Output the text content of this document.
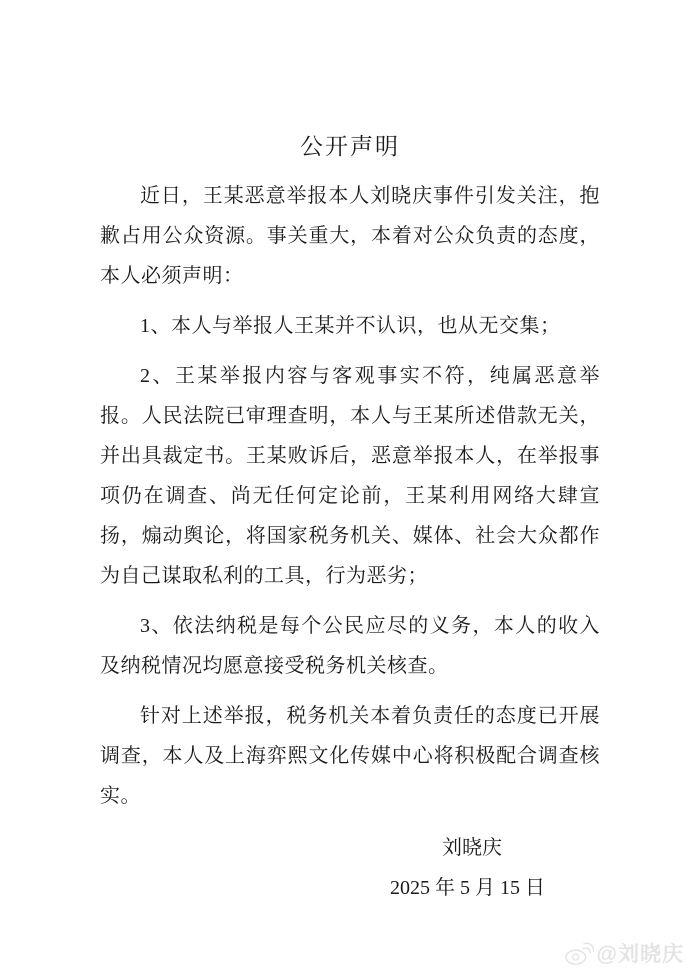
公开声明

近日，王某恶意举报本人刘晓庆事件引发关注，抱歉占用公众资源。事关重大，本着对公众负责的态度，本人必须声明：

1、本人与举报人王某并不认识，也从无交集；

2、王某举报内容与客观事实不符，纯属恶意举报。人民法院已审理查明，本人与王某所述借款无关，并出具裁定书。王某败诉后，恶意举报本人，在举报事项仍在调查、尚无任何定论前，王某利用网络大肆宣扬，煽动舆论，将国家税务机关、媒体、社会大众都作为自己谋取私利的工具，行为恶劣；

3、依法纳税是每个公民应尽的义务，本人的收入及纳税情况均愿意接受税务机关核查。

针对上述举报，税务机关本着负责任的态度已开展调查，本人及上海弈熙文化传媒中心将积极配合调查核实。

刘晓庆
2025 年 5 月 15 日
@刘晓庆
